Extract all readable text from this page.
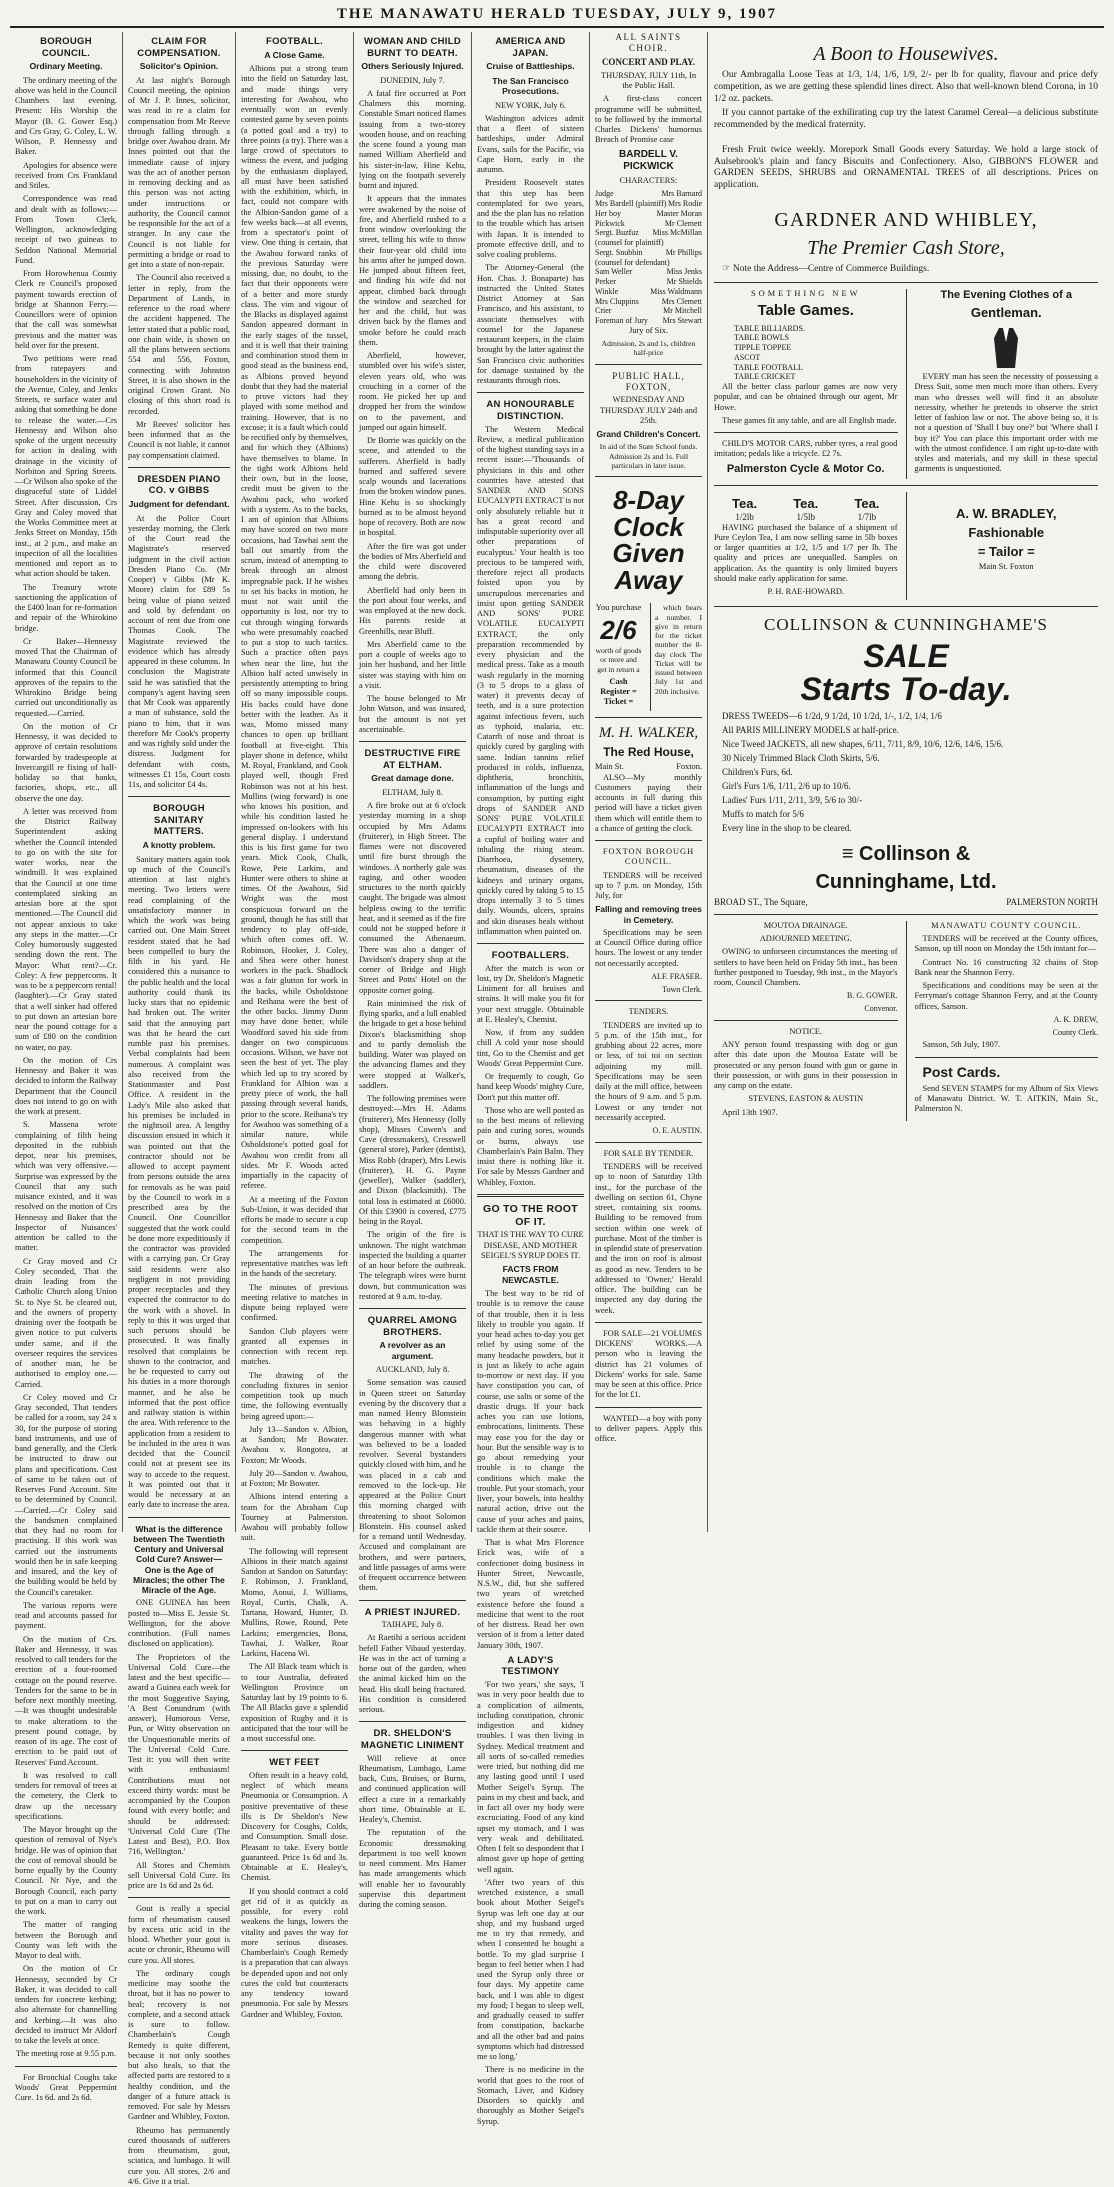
THE MANAWATU HERALD TUESDAY, JULY 9, 1907
BOROUGH COUNCIL.
Ordinary Meeting.

The ordinary meeting of the above was held in the Council Chambers last evening. Present: His Worship the Mayor (B. G. Gower Esq.) and Crs Gray, G. Coley, L. W. Wilson, P. Hennessy and Baker.

Apologies for absence were received from Crs Frankland and Stiles.

Correspondence was read and dealt with as follows:—From Town Clerk, Wellington, acknowledging receipt of two guineas to Seddon National Memorial Fund.

From Horowhenua County Clerk re Council's proposed payment towards erection of bridge at Shannon Ferry.—Councillors were of opinion that the call was somewhat previous and the matter was held over for the present.

Two petitions were read from ratepayers and householders in the vicinity of the Avenue, Coley, and Jenks Streets, re surface water and asking that something be done to release the water.—Crs Hennessy and Wilson also spoke of the urgent necessity for action in dealing with drainage in the vicinity of Norbiton and Spring Streets.—Cr Wilson also spoke of the disgraceful state of Liddel Street. After discussion, Crs Gray and Coley moved that the Works Committee meet at Jenks Street on Monday, 15th inst., at 2 p.m., and make an inspection of all the localities mentioned and report as to what action should be taken.

The Treasury wrote sanctioning the application of the £400 loan for re-formation and repair of the Whirokino bridge.

Cr Baker—Hennessy moved That the Chairman of Manawatu County Council be informed that this Council approves of the repairs to the Whirokino Bridge being carried out unconditionally as requested.—Carried.

On the motion of Cr Hennessy, it was decided to approve of certain resolutions forwarded by tradespeople at Invercargill re fixing of half-holiday so that banks, factories, shops, etc., all observe the one day.

A letter was received from the District Railway Superintendent asking whether the Council intended to go on with the site for water works, near the windmill. It was explained that the Council at one time contemplated sinking an artesian bore at the spot mentioned.—The Council did not appear anxious to take any steps in the matter.—Cr Coley humorously suggested sending down the rent. The Mayor: What rent?—Cr. Coley: A few peppercorns. It was to be a peppercorn rental! (laughter).—Cr Gray stated that a well sinker had offered to put down an artesian bore near the pound cottage for a sum of £80 on the condition no water, no pay.

On the motion of Crs Hennessy and Baker it was decided to inform the Railway Department that the Council does not intend to go on with the work at present.

S. Massena wrote complaining of filth being deposited in the rubbish depot, near his premises, which was very offensive.—Surprise was expressed by the Council that any such nuisance existed, and it was resolved on the motion of Crs Hennessy and Baker that the Inspector of Nuisances' attention be called to the matter.

Cr Gray moved and Cr Coley seconded, That the drain leading from the Catholic Church along Union St. to Nye St. be cleared out, and the owners of property draining over the footpath be given notice to put culverts under same, and if the overseer requires the services of another man, he be authorised to employ one.—Carried.

Cr Coley moved and Cr Gray seconded, That tenders be called for a room, say 24 x 30, for the purpose of storing band instruments, and use of band generally, and the Clerk be instructed to draw out plans and specifications. Cost of same to be taken out of Reserves Fund Account. Site to be determined by Council.—Carried.—Cr Coley said the bandsmen complained that they had no room for practising. If this work was carried out the instruments would then be in safe keeping and insured, and the key of the building would be held by the Council's caretaker.

The various reports were read and accounts passed for payment.

On the motion of Crs. Baker and Hennessy, it was resolved to call tenders for the erection of a four-roomed cottage on the pound reserve. Tenders for the same to be in before next monthly meeting.—It was thought undesirable to make alterations to the present pound cottage, by reason of its age. The cost of erection to be paid out of Reserves' Fund Account.

It was resolved to call tenders for removal of trees at the cemetery, the Clerk to draw up the necessary specifications.

The Mayor brought up the question of removal of Nye's bridge. He was of opinion that the cost of removal should be borne equally by the County Council. Nr Nye, and the Borough Council, each party to put on a man to carry out the work.

The matter of ranging between the Borough and County was left with the Mayor to deal with.

On the motion of Cr Hennessy, seconded by Cr Baker, it was decided to call tenders for concrete kerbing; also alternate for channelling and kerbing.—It was also decided to instruct Mr Aldorf to take the levels at once.

The meeting rose at 9.55 p.m.

For Bronchial Coughs take Woods' Great Peppermint Cure. 1s 6d. and 2s 6d.

CLAIM FOR COMPENSATION.
Solicitor's Opinion.

At last night's Borough Council meeting, the opinion of Mr J. P. Innes, solicitor, was read in re a claim for compensation from Mr Reeve through falling through a bridge over Awahou drain. Mr Innes pointed out that the immediate cause of injury was the act of another person in removing decking and as this person was not acting under instructions or authority, the Council cannot be responsible for the act of a stranger. In any case the Council is not liable for permitting a bridge or road to get into a state of non-repair.

The Council also received a letter in reply, from the Department of Lands, in reference to the road where the accident happened. The letter stated that a public road, one chain wide, is shown on all the plans between sections 554 and 556, Foxton, connecting with Johnston Street, it is also shown in the original Crown Grant. No closing of this short road is recorded.

Mr Reeves' solicitor has been informed that as the Council is not liable, it cannot pay compensation claimed.

DRESDEN PIANO CO. v GIBBS
Judgment for defendant.

At the Police Court yesterday morning, the Clerk of the Court read the Magistrate's reserved judgment in the civil action Dresden Piano Co. (Mr Cooper) v Gibbs (Mr K. Moore) claim for £89 5s being value of piano seized and sold by defendant on account of rent due from one Thomas Cook. The Magistrate reviewed the evidence which has already appeared in these columns. In conclusion the Magistrate said he was satisfied that the company's agent having seen that Mr Cook was apparently a man of substance, sold the piano to him, that it was therefore Mr Cook's property and was rightly sold under the distress. Judgment for defendant with costs, witnesses £1 15s, Court costs 11s, and solicitor £4 4s.

BOROUGH SANITARY MATTERS.
A knotty problem.

Sanitary matters again took up much of the Council's attention at last night's meeting. Two letters were read complaining of the unsatisfactory manner in which the work was being carried out. One Main Street resident stated that he had been compelled to bury the filth in his yard. He considered this a nuisance to the public health and the local authority could thank its lucky stars that no epidemic had broken out. The writer said that the annoying part was that he heard the cart rumble past his premises. Verbal complaints had been numerous. A complaint was also received from the Stationmaster and Post Office. A resident in the Lady's Mile also asked that his premises be included in the nightsoil area. A lengthy discussion ensued in which it was pointed out that the contractor should not be allowed to accept payment from persons outside the area for removals as he was paid by the Council to work in a prescribed area by the Council. One Councillor suggested that the work could be done more expeditiously if the contractor was provided with a carrying pan. Cr Gray said residents were also negligent in not providing proper receptacles and they expected the contractor to do the work with a shovel. In reply to this it was urged that such persons should be prosecuted. It was finally resolved that complaints be shown to the contractor, and he be requested to carry out his duties in a more thorough manner, and he also be informed that the post office and railway station is within the area. With reference to the application from a resident to be included in the area it was decided that the Council could not at present see its way to accede to the request. It was pointed out that it would be necessary at an early date to increase the area.

What is the difference between The Twentieth Century and Universal Cold Cure? Answer—One is the Age of Miracles; the other The Miracle of the Age.

ONE GUINEA has been posted to—Miss E. Jessie St. Wellington, for the above contribution. (Full names disclosed on application).

The Proprietors of the Universal Cold Cure—the latest and the best specific—award a Guinea each week for the most Suggestive Saying, 'A Best Conundrum (with answer), Humorous Verse, Pun, or Witty observation on the Unquestionable merits of The Universal Cold Cure. Test it: you will then write with enthusiasm! Contributions must not exceed thirty words: must be accompanied by the Coupon found with every bottle; and should be addressed: 'Universal Cold Cure (The Latest and Best), P.O. Box 716, Wellington.'

All Stores and Chemists sell Universal Cold Cure. Its price are 1s 6d and 2s 6d.

Gout is really a special form of rheumatism caused by excess uric acid in the blood. Whether your gout is acute or chronic, Rheumo will cure you. All stores.

The ordinary cough medicine may soothe the throat, but it has no power to heal; recovery is not complete, and a second attack is sure to follow. Chamberlain's Cough Remedy is quite different, because it not only soothes but also heals, so that the affected parts are restored to a healthy condition, and the danger of a future attack is removed. For sale by Messrs Gardner and Whibley, Foxton.

Rheumo has permanently cured thousands of sufferers from rheumatism, gout, sciatica, and lumbago. It will cure you. All stores, 2/6 and 4/6. Give it a trial.

FOOTBALL.
A Close Game.

Albions put a strong team into the field on Saturday last, and made things very interesting for Awahou, who eventually won an evenly contested game by seven points (a potted goal and a try) to three points (a try). There was a large crowd of spectators to witness the event, and judging by the enthusiasm displayed, all must have been satisfied with the exhibition, which, in fact, could not compare with the Albion-Sandon game of a few weeks back—at all events, from a spectator's point of view. One thing is certain, that the Awahou forward ranks of the previous Saturday were missing, due, no doubt, to the fact that their opponents were of a better and more sturdy class. The vim and vigour of the Blacks as displayed against Sandon appeared dormant in the early stages of the tussel, and it is well that their training and combination stood them in good stead as the business end, as Albions proved beyond doubt that they had the material to prove victors had they played with some method and training. However, that is no excuse; it is a fault which could be rectified only by themselves, and for which they (Albions) have themselves to blame. In the tight work Albions held their own, but in the loose, credit must be given to the Awahou pack, who worked with a system. As to the backs, I am of opinion that Albions may have scored on two more occasions, had Tawhai sent the ball out smartly from the scrum, instead of attempting to break through an almost impregnable pack. If he wishes to set his backs in motion, he must not wait until the opportunity is lost, nor try to cut through winging forwards who were presumably coached to put a stop to such tactics. Such a practice often pays when near the line, but the Albion half acted unwisely in persistently attempting to bring off so many impossible coups. His backs could have done better with the leather. As it was, Momo missed many chances to open up brilliant football at five-eight. This player shone in defence, whilst M. Royal, Frankland, and Cook played well, though Fred Robinson was not at his best. Mullins (wing forward) is one who knows his position, and while his condition lasted he impressed on-lookers with his general display. I understand this is his first game for two years. Mick Cook, Chalk, Rowe, Pete Larkins, and Hunter were others to shine at times. Of the Awahous, Sid Wright was the most conspicuous forward on the ground, though he has still that tendency to play off-side, which often comes off. W. Robinson, Hooker, J. Coley, and Shea were other honest workers in the pack. Shadlock was a fair glutton for work in the backs, while Osboldstone and Reihana were the best of the other backs. Jimmy Dunn may have done better, while Woodford saved his side from danger on two conspicuous occasions. Wilson, we have not seen the best of yet. The play which led up to try scored by Frankland for Albion was a pretty piece of work, the ball passing through several hands, prior to the score. Reihana's try for Awahou was something of a similar nature, while Osboldstone's potted goal for Awahou won credit from all sides. Mr F. Woods acted impartially in the capacity of referee.

At a meeting of the Foxton Sub-Union, it was decided that efforts be made to secure a cup for the second team in the competition.

The arrangements for representative matches was left in the hands of the secretary.

The minutes of previous meeting relative to matches in dispute being replayed were confirmed.

Sandon Club players were granted all expenses in connection with recent rep. matches.

The drawing of the concluding fixtures in senior competition took up much time, the following eventually being agreed upon:—

July 13—Sandon v. Albion, at Sandon; Mr Bowater. Awahou v. Rongotea, at Foxton; Mr Woods.

July 20—Sandon v. Awahou, at Foxton; Mr Bowater.

Albions intend entering a team for the Abraham Cup Tourney at Palmerston. Awahou will probably follow suit.

The following will represent Albions in their match against Sandon at Sandon on Saturday: F. Robinson, J. Frankland, Momo, Aonui, J. Williams, Royal, Curtis, Chalk, A. Tartana, Howard, Hunter, D. Mullins, Rowe, Round, Pete Larkins; emergencies, Bona, Tawhai, J. Walker, Roar Larkins, Hacena Wi.

The All Black team which is to tour Australia, defeated Wellington Province on Saturday last by 19 points to 6. The All Blacks gave a splendid exposition of Rugby and it is anticipated that the tour will be a most successful one.

WET FEET

Often result in a heavy cold, neglect of which means Pneumonia or Consumption. A positive preventative of these ills is Dr Sheldon's New Discovery for Coughs, Colds, and Consumption. Small dose. Pleasant to take. Every bottle guaranteed. Price 1s 6d and 3s. Obtainable at E. Healey's, Chemist.

If you should contract a cold get rid of it as quickly as possible, for every cold weakens the lungs, lowers the vitality and paves the way for more serious diseases. Chamberlain's Cough Remedy is a preparation that can always be depended upon and not only cures the cold but counteracts any tendency toward pneumonia. For sale by Messrs Gardner and Whibley, Foxton.

WOMAN AND CHILD BURNT TO DEATH.
Others Seriously Injured.

DUNEDIN, July 7.

A fatal fire occurred at Port Chalmers this morning. Constable Smart noticed flames issuing from a two-storey wooden house, and on reaching the scene found a young man named William Aberfield and his sister-in-law, Hine Kehu, lying on the footpath severely burnt and injured.

It appears that the inmates were awakened by the noise of fire, and Aberfield rushed to a front window overlooking the street, telling his wife to throw their four-year old child into his arms after he jumped down. He jumped about fifteen feet, and finding his wife did not appear, climbed back through the window and searched for her and the child, but was driven back by the flames and smoke before he could reach them.

Aberfield, however, stumbled over his wife's sister, eleven years old, who was crouching in a corner of the room. He picked her up and dropped her from the window on to the pavement, and jumped out again himself.

Dr Borrie was quickly on the scene, and attended to the sufferers. Aberfield is badly burned and suffered severe scalp wounds and lacerations from the broken window panes. Hine Kehu is so shockingly burned as to be almost beyond hope of recovery. Both are now in hospital.

After the fire was got under the bodies of Mrs Aberfield and the child were discovered among the debris.

Aberfield had only been in the port about four weeks, and was employed at the new dock. His parents reside at Greenhills, near Bluff.

Mrs Aberfield came to the port a couple of weeks ago to join her husband, and her little sister was staying with him on a visit.

The house belonged to Mr John Watson, and was insured, but the amount is not yet ascertainable.

DESTRUCTIVE FIRE AT ELTHAM.
Great damage done.

ELTHAM, July 8.

A fire broke out at 6 o'clock yesterday morning in a shop occupied by Mrs Adams (fruiterer), in High Street. The flames were not discovered until fire burst through the windows. A northerly gale was raging, and other wooden structures to the north quickly caught. The brigade was almost helpless owing to the terrific heat, and it seemed as if the fire could not be stopped before it consumed the Athenaeum. There was also a danger of Davidson's drapery shop at the corner of Bridge and High Street and Potts' Hotel on the opposite corner going.

Rain minimised the risk of flying sparks, and a lull enabled the brigade to get a hose behind Dixon's blacksmithing shop and to partly demolish the building. Water was played on the advancing flames and they were stopped at Walker's, saddlers.

The following premises were destroyed:—Mrs H. Adams (fruiterer), Mrs Hennessy (lolly shop), Misses Cowen's and Cave (dressmakers), Cresswell (general store), Parker (dentist), Miss Robb (draper), Mrs Lewis (fruiterer), H. G. Payne (jeweller), Walker (saddler), and Dixon (blacksmith). The total loss is estimated at £6000. Of this £3900 is covered, £775 being in the Royal.

The origin of the fire is unknown. The night watchman inspected the building a quarter of an hour before the outbreak. The telegraph wires were burnt down, but communication was restored at 9 a.m. to-day.

QUARREL AMONG BROTHERS.
A revolver as an argument.

AUCKLAND, July 8.

Some sensation was caused in Queen street on Saturday evening by the discovery that a man named Henry Blomstein was behaving in a highly dangerous manner with what was believed to be a loaded revolver. Several bystanders quickly closed with him, and he was placed in a cab and removed to the lock-up. He appeared at the Police Court this morning charged with threatening to shoot Solomon Blonstein. His counsel asked for a remand until Wednesday. Accused and complainant are brothers, and were partners, and little passages of arms were of frequent occurrence between them.

A PRIEST INJURED.

TAIHAPE, July 8.

At Raetihi a serious accident befell Father Vibaud yesterday. He was in the act of turning a horse out of the garden, when the animal kicked him on the head. His skull being fractured. His condition is considered serious.

DR. SHELDON'S MAGNETIC LINIMENT

Will relieve at once Rheumatism, Lumbago, Lame back, Cuts, Bruises, or Burns, and continued application will effect a cure in a remarkably short time. Obtainable at E. Healey's, Chemist.

The reputation of the Economic dressmaking department is too well known to need comment. Mrs Hamer has made arrangements which will enable her to favourably supervise this department during the coming season.

AMERICA AND JAPAN.
Cruise of Battleships.
The San Francisco Prosecutions.

NEW YORK, July 6.

Washington advices admit that a fleet of sixteen battleships, under Admiral Evans, sails for the Pacific, via Cape Horn, early in the autumn.

President Roosevelt states that this step has been contemplated for two years, and the the plan has no relation to the trouble which has arisen with Japan. It is intended to promote effective drill, and to solve coaling problems.

The Attorney-General (the Hon. Chas. J. Bonaparte) has instructed the United States District Attorney at San Francisco, and his assistant, to associate themselves with counsel for the Japanese restaurant keepers, in the claim brought by the latter against the San Francisco civic authorities for damage sustained by the restaurants through riots.

AN HONOURABLE DISTINCTION.

The Western Medical Review, a medical publication of the highest standing says in a recent issue:—'Thousands of physicians in this and other countries have attested that SANDER AND SONS EUCALYPTI EXTRACT is not only absolutely reliable but it has a great record and indisputable superiority over all other preparations of eucalyptus.' Your health is too precious to be tampered with, therefore reject all products foisted upon you by unscrupulous mercenaries and insist upon getting SANDER AND SONS' PURE VOLATILE EUCALYPTI EXTRACT, the only preparation recommended by every physician and the medical press. Take as a mouth wash regularly in the morning (3 to 5 drops to a glass of water) it prevents decay of teeth, and is a sure protection against infectious fevers, such as typhoid, malaria, etc. Catarrh of nose and throat is quickly cured by gargling with same. Indian tannins relief produced in colds, influenza, diphtheria, bronchitis, inflammation of the lungs and consumption, by putting eight drops of SANDER AND SONS' PURE VOLATILE EUCALYPTI EXTRACT into a cupful of boiling water and inhaling the rising steam. Diarrhoea, dysentery, rheumatism, diseases of the kidneys and urinary organs, quickly cured by taking 5 to 15 drops internally 3 to 5 times daily. Wounds, ulcers, sprains and skin diseases heals without inflammation when painted on.

FOOTBALLERS.

After the match is won or lost, try Dr. Sheldon's Magnetic Liniment for all bruises and strains. It will make you fit for your next struggle. Obtainable at E. Healey's, Chemist.

Now, if from any sudden chill A cold your nose should tint, Go to the Chemist and get Woods' Great Peppermint Cure.

Or frequently to cough, Go hand keep Woods' mighty Cure, Don't put this matter off.

Those who are well posted as to the best means of relieving pain and curing sores, wounds or burns, always use Chamberlain's Pain Balm. They insist there is nothing like it. For sale by Messrs Gardner and Whibley, Foxton.

GO TO THE ROOT OF IT.

THAT IS THE WAY TO CURE DISEASE, AND MOTHER SEIGEL'S SYRUP DOES IT.

FACTS FROM NEWCASTLE.

The best way to be rid of trouble is to remove the cause of that trouble, then it is less likely to trouble you again. If your head aches to-day you get relief by using some of the many headache powders, but it is just as likely to ache again to-morrow or next day. If you have constipation you can, of course, use salts or some of the drastic drugs. If your back aches you can use lotions, embrocations, liniments. These may ease you for the day or hour. But the sensible way is to go about remedying your trouble is to change the conditions which make the trouble. Put your stomach, your liver, your bowels, into healthy natural action, drive out the cause of your aches and pains, tackle them at their source.

That is what Mrs Florence Erick was, wife of a confectioner doing business in Hunter Street, Newcastle, N.S.W., did, but she suffered two years of wretched existence before she found a medicine that went to the root of her distress. Read her own version of it from a letter dated January 30th, 1907.

A LADY'S TESTIMONY

'For two years,' she says, 'I was in very poor health due to a complication of ailments, including constipation, chronic indigestion and kidney troubles. I was then living in Sydney. Medical treatment and all sorts of so-called remedies were tried, but nothing did me any lasting good until I used Mother Seigel's Syrup. The pains in my chest and back, and in fact all over my body were excruciating. Food of any kind upset my stomach, and I was very weak and debilitated. Often I felt so despondent that I almost gave up hope of getting well again.

'After two years of this wretched existence, a small book about Mother Seigel's Syrup was left one day at our shop, and my husband urged me to try that remedy, and when I consented he bought a bottle. To my glad surprise I began to feel better when I had used the Syrup only three or four days. My appetite came back, and I was able to digest my food; I began to sleep well, and gradually ceased to suffer from constipation, backache and all the other bad and pains symptoms which had distressed me so long.'

There is no medicine in the world that goes to the root of Stomach, Liver, and Kidney Disorders so quickly and thoroughly as Mother Seigel's Syrup.

ALL SAINTS CHOIR.

CONCERT AND PLAY.

THURSDAY, JULY 11th, In the Public Hall.

A first-class concert programme will be submitted, to be followed by the immortal Charles Dickens' humorous Breach of Promise case

BARDELL V. PICKWICK

CHARACTERS:

Judge	Mrs Barnard
Mrs Bardell (plaintiff) Mrs Rodie
Her boy	Master Moran
Pickwick	Mr Clemett
Sergt. Buzfuz Miss McMillan
(counsel for plaintiff)
Sergt. Snubbin	Mr Phillips
(counsel for defendant)
Sam Weller	Miss Jenks
Perker	Mr Shields
Winkle	Miss Waldmann
Mrs Cluppins	Mrs Clemett
Crier	Mr Mitchell
Foreman of Jury Mrs Stewart

Jury of Six.

Admission, 2s and 1s, children half-price

PUBLIC HALL, FOXTON,

WEDNESDAY AND THURSDAY JULY 24th and 25th.

Grand Children's Concert.

In aid of the State School funds. Admission 2s and 1s. Full particulars in later issue.

8-Day
Clock
Given
Away

You purchase

2/6

worth of goods or more and get in return a

Cash Register = Ticket =

which bears a number. I give in return for the ticket number the 8-day clock The Ticket will be issued between July 1st and 20th inclusive.

M. H. WALKER,

The Red House,

Main St.	Foxton.

ALSO—My monthly Customers paying their accounts in full during this period will have a ticket given them which will entitle them to a chance of getting the clock.

FOXTON BOROUGH COUNCIL.

TENDERS will be received up to 7 p.m. on Monday, 15th July, for

Falling and removing trees in Cemetery.

Specifications may be seen at Council Office during office hours. The lowest or any tender not necessarily accepted.

ALF. FRASER.

Town Clerk.

TENDERS.

TENDERS are invited up to 5 p.m. of the 15th inst., for grubbing about 22 acres, more or less, of toi toi on section adjoining my mill. Specifications may be seen daily at the mill office, between the hours of 9 a.m. and 5 p.m. Lowest or any tender not necessarily accepted.

O. E. AUSTIN.

FOR SALE BY TENDER.

TENDERS will be received up to noon of Saturday 13th inst., for the purchase of the dwelling on section 61, Chyne street, containing six rooms. Building to be removed from section within one week of purchase. Most of the timber is in splendid state of preservation and the iron on roof is almost as good as new. Tenders to be addressed to 'Owner,' Herald office. The building can be inspected any day during the week.

FOR SALE—21 VOLUMES DICKENS' WORKS.—A person who is leaving the district has 21 volumes of Dickens' works for sale. Same may be seen at this office. Price for the lot £1.

WANTED—a boy with pony to deliver papers. Apply this office.

A Boon to Housewives.

Our Ambragalla Loose Teas at 1/3, 1/4, 1/6, 1/9, 2/- per lb for quality, flavour and price defy competition, as we are getting these splendid lines direct. Also that well-known blend Corona, in 10 1/2 oz. packets.

If you cannot partake of the exhilirating cup try the latest Caramel Cereal—a delicious substitute recommended by the medical fraternity.

Fresh Fruit twice weekly. Morepork Small Goods every Saturday. We hold a large stock of Aulsebrook's plain and fancy Biscuits and Confectionery. Also, GIBBON'S FLOWER and GARDEN SEEDS, SHRUBS and ORNAMENTAL TREES of all descriptions. Prices on application.

GARDNER AND WHIBLEY,
The Premier Cash Store,

☞ Note the Address—Centre of Commerce Buildings.

SOMETHING NEW

Table Games.

TABLE BILLIARDS.
TABLE BOWLS
TIPPLE TOPPEE
ASCOT
TABLE FOOTBALL
TABLE CRICKET

All the better class parlour games are now very popular, and can be obtained through our agent, Mr Howe.

These games fit any table, and are all English made.

CHILD'S MOTOR CARS, rubber tyres, a real good imitation; pedals like a tricycle. £2 7s.

Palmerston Cycle & Motor Co.

The Evening Clothes of a

Gentleman.

EVERY man has seen the necessity of possessing a Dress Suit, some men much more than others. Every man who dresses well will find it an absolute necessity, whether he pretends to observe the strict letter of fashion law or not. The above being so, it is not a question of 'Shall I buy one?' but 'Where shall I buy it?' You can place this important order with me with the utmost confidence. I am right up-to-date with styles and materials, and my skill in these special garments is unquestioned.

Tea.	Tea.	Tea.
1/2lb	1/5lb	1/7lb

HAVING purchased the balance of a shipment of Pure Ceylon Tea, I am now selling same in 5lb boxes or larger quantities at 1/2, 1/5 and 1/7 per lb. The quality and prices are unequalled. Samples on application. As the quantity is only limited buyers should make early application for same.

P. H. RAE-HOWARD.

A. W. BRADLEY,

Fashionable

= Tailor =

Main St. Foxton

COLLINSON & CUNNINGHAME'S
SALE
Starts To-day.

DRESS TWEEDS—6 1/2d, 9 1/2d, 10 1/2d, 1/-, 1/2, 1/4, 1/6

All PARIS MILLINERY MODELS at half-price.

Nice Tweed JACKETS, all new shapes, 6/11, 7/11, 8/9, 10/6, 12/6, 14/6, 15/6.

30 Nicely Trimmed Black Cloth Skirts, 5/6.

Children's Furs, 6d.

Girl's Furs 1/6, 1/11, 2/6 up to 10/6.

Ladies' Furs 1/11, 2/11, 3/9, 5/6 to 30/-

Muffs to match for 5/6

Every line in the shop to be cleared.

≡ Collinson &

Cunninghame, Ltd.

BROAD ST., The Square,	PALMERSTON NORTH

MOUTOA DRAINAGE.

ADJOURNED MEETING.

OWING to unforseen circumstances the meeting of settlers to have been held on Friday 5th inst., has been further postponed to Tuesday, 9th inst., in the Mayor's room, Council Chambers.

B. G. GOWER.

Convenor.

NOTICE.

ANY person found trespassing with dog or gun after this date upon the Moutoa Estate will be prosecuted or any person found with gun or game in their possession, or with guns in their possession in any camp on the estate.

STEVENS, EASTON & AUSTIN

April 13th 1907.

MANAWATU COUNTY COUNCIL.

TENDERS will be received at the County offices, Sanson, up till noon on Monday the 15th instant for—

Contract No. 16 constructing 32 chains of Stop Bank near the Shannon Ferry.

Specifications and conditions may be seen at the Ferryman's cottage Shannon Ferry, and at the County offices, Sanson.

A. K. DREW,

County Clerk.

Sanson, 5th July, 1907.

Post Cards.

Send SEVEN STAMPS for my Album of Six Views of Manawatu District. W. T. AITKIN, Main St., Palmerston N.
